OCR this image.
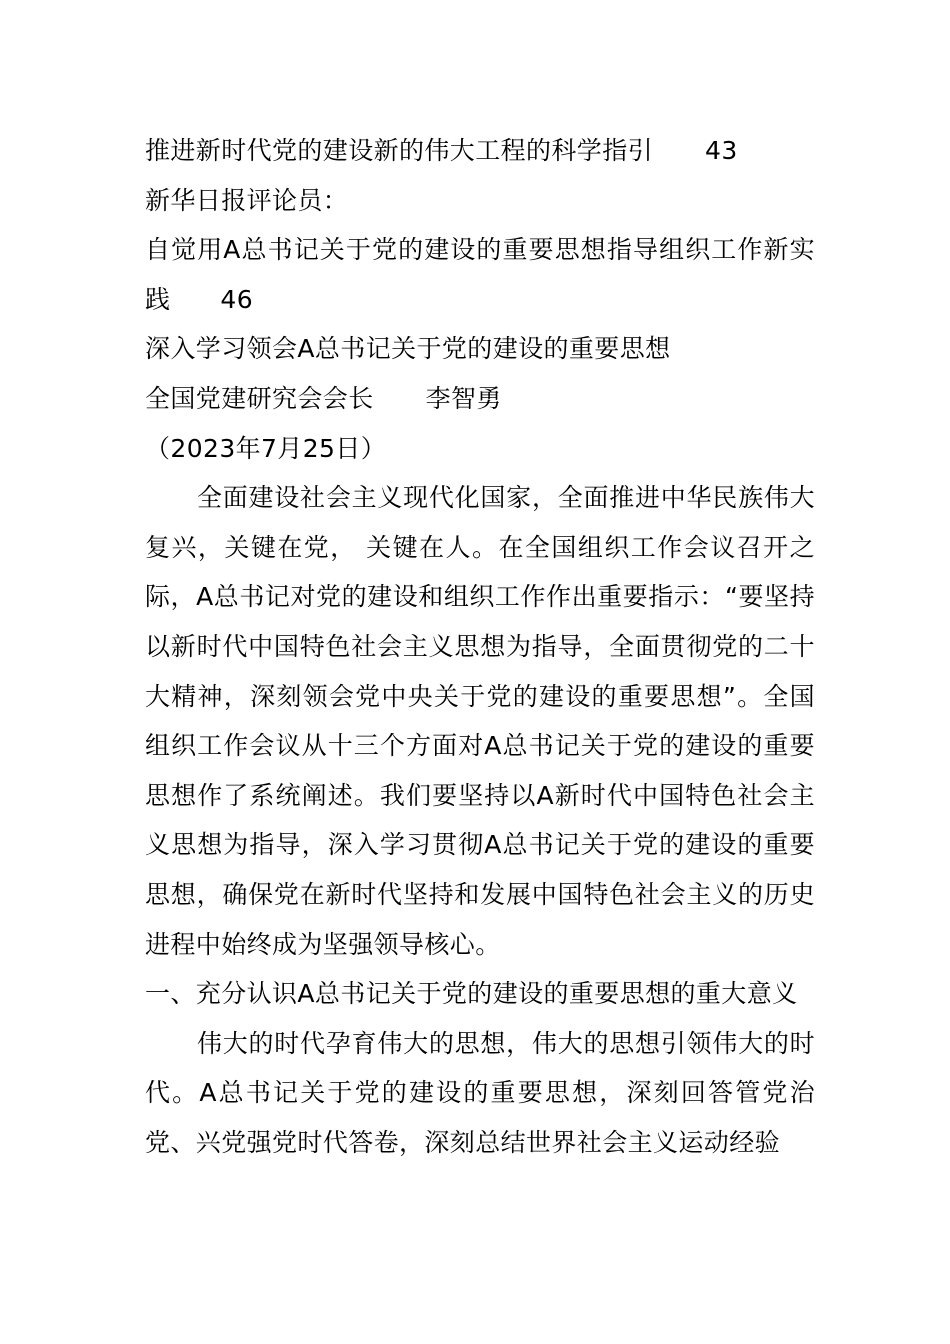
推进新时代党的建设新的伟大工程的科学指引 43
新华日报评论员：
自觉用A总书记关于党的建设的重要思想指导组织工作新实践 46
深入学习领会A总书记关于党的建设的重要思想
全国党建研究会会长 李智勇
（2023年7月25日）
全面建设社会主义现代化国家，全面推进中华民族伟大复兴，关键在党， 关键在人。在全国组织工作会议召开之际，A总书记对党的建设和组织工作作出重要指示：“要坚持以新时代中国特色社会主义思想为指导，全面贯彻党的二十大精神，深刻领会党中央关于党的建设的重要思想”。全国组织工作会议从十三个方面对A总书记关于党的建设的重要思想作了系统阐述。我们要坚持以A新时代中国特色社会主义思想为指导，深入学习贯彻A总书记关于党的建设的重要思想，确保党在新时代坚持和发展中国特色社会主义的历史进程中始终成为坚强领导核心。
一、充分认识A总书记关于党的建设的重要思想的重大意义
伟大的时代孕育伟大的思想，伟大的思想引领伟大的时代。A总书记关于党的建设的重要思想，深刻回答管党治党、兴党强党时代答卷，深刻总结世界社会主义运动经验
